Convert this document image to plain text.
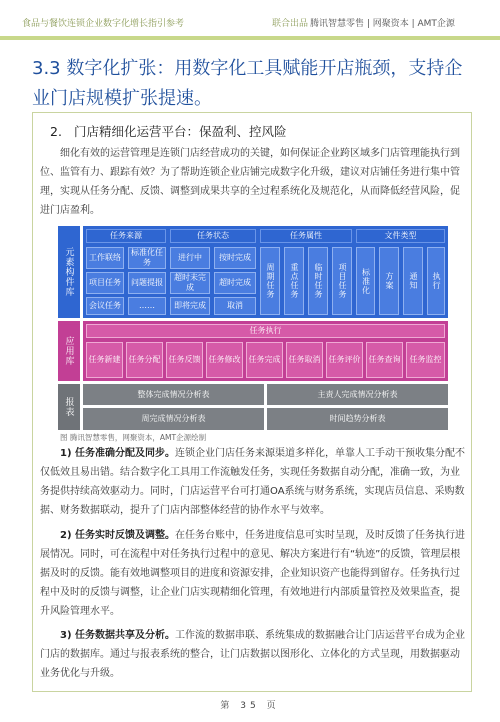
食品与餐饮连锁企业数字化增长指引参考	联合出品 腾讯智慧零售 | 网聚资本 | AMT企源
3.3 数字化扩张：用数字化工具赋能开店瓶颈，支持企业门店规模扩张提速。
2. 门店精细化运营平台：保盈利、控风险
细化有效的运营管理是连锁门店经营成功的关键，如何保证企业跨区域多门店管理能执行到位、监管有力、跟踪有效？为了帮助连锁企业店铺完成数字化升级，建议对店铺任务进行集中管理，实现从任务分配、反馈、调整到成果共享的全过程系统化及规范化，从而降低经营风险，促进门店盈利。
元素构件库
应用库
报表
任务来源	任务状态	任务属性	文件类型
工作联络
标准化任务
项目任务	问题提报
会议任务	……
进行中	按时完成
超时未完成
超时完成
即将完成	取消
周期任务	重点任务	临时任务	项目任务	标准化	方案	通知	执行
任务执行
任务新建	任务分配	任务反馈	任务修改	任务完成	任务取消	任务评价	任务查询	任务监控
整体完成情况分析表	主责人完成情况分析表
周完成情况分析表	时间趋势分析表
图 腾讯智慧零售，网聚资本，AMT企源绘制
1) 任务准确分配及同步。连锁企业门店任务来源渠道多样化，单靠人工手动干预收集分配不仅低效且易出错。结合数字化工具用工作流触发任务，实现任务数据自动分配，准确一致，为业务提供持续高效驱动力。同时，门店运营平台可打通OA系统与财务系统，实现店员信息、采购数据、财务数据联动，提升了门店内部整体经营的协作水平与效率。
2) 任务实时反馈及调整。在任务台账中，任务进度信息可实时呈现，及时反馈了任务执行进展情况。同时，可在流程中对任务执行过程中的意见、解决方案进行有“轨迹”的反馈，管理层根据及时的反馈。能有效地调整项目的进度和资源安排，企业知识资产也能得到留存。任务执行过程中及时的反馈与调整，让企业门店实现精细化管理，有效地进行内部质量管控及效果监查，提升风险管理水平。
3) 任务数据共享及分析。工作流的数据串联、系统集成的数据融合让门店运营平台成为企业门店的数据库。通过与报表系统的整合，让门店数据以图形化、立体化的方式呈现，用数据驱动业务优化与升级。
第 35 页
